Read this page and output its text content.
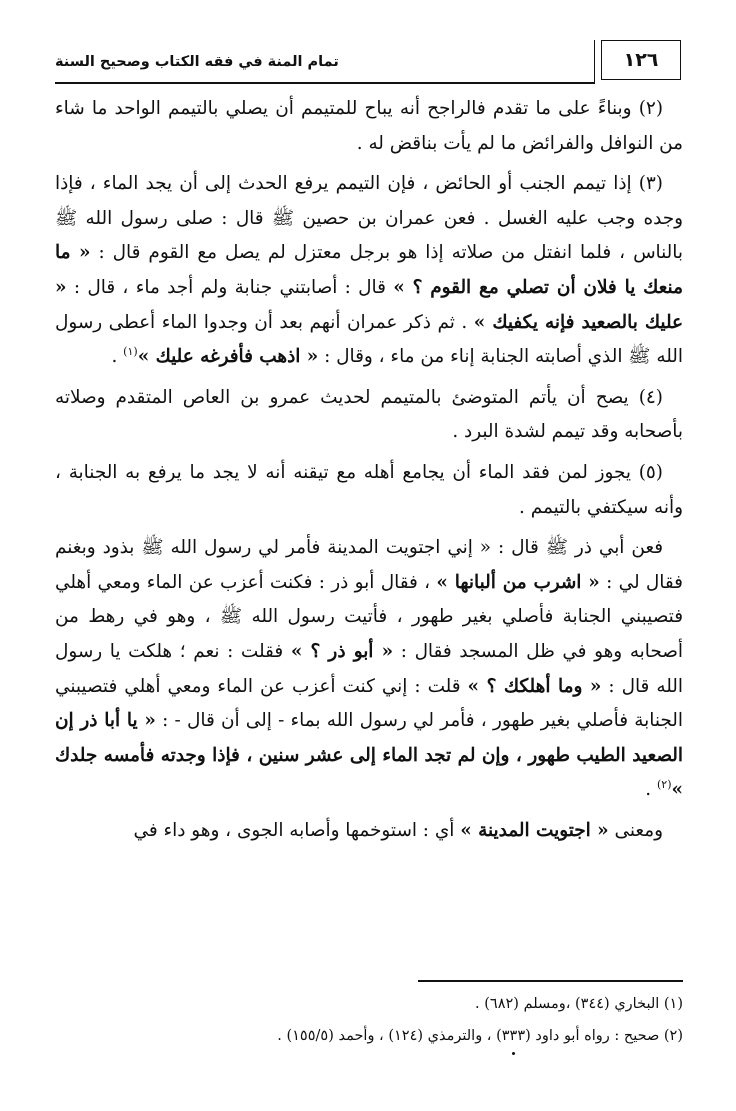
١٢٦
تمام المنة في فقه الكتاب وصحيح السنة

(٢) وبناءً على ما تقدم فالراجح أنه يباح للمتيمم أن يصلي بالتيمم الواحد ما شاء من النوافل والفرائض ما لم يأت بناقض له .

(٣) إذا تيمم الجنب أو الحائض ، فإن التيمم يرفع الحدث إلى أن يجد الماء ، فإذا وجده وجب عليه الغسل . فعن عمران بن حصين ﷺ قال : صلى رسول الله ﷺ بالناس ، فلما انفتل من صلاته إذا هو برجل معتزل لم يصل مع القوم قال : « ما منعك يا فلان أن تصلي مع القوم ؟ » قال : أصابتني جنابة ولم أجد ماء ، قال : « عليك بالصعيد فإنه يكفيك » . ثم ذكر عمران أنهم بعد أن وجدوا الماء أعطى رسول الله ﷺ الذي أصابته الجنابة إناء من ماء ، وقال : « اذهب فأفرغه عليك »$^{(١)}$ .

(٤) يصح أن يأتم المتوضئ بالمتيمم لحديث عمرو بن العاص المتقدم وصلاته بأصحابه وقد تيمم لشدة البرد .

(٥) يجوز لمن فقد الماء أن يجامع أهله مع تيقنه أنه لا يجد ما يرفع به الجنابة ، وأنه سيكتفي بالتيمم .

فعن أبي ذر ﷺ قال : « إني اجتويت المدينة فأمر لي رسول الله ﷺ بذود وبغنم فقال لي : « اشرب من ألبانها » ، فقال أبو ذر : فكنت أعزب عن الماء ومعي أهلي فتصيبني الجنابة فأصلي بغير طهور ، فأتيت رسول الله ﷺ ، وهو في رهط من أصحابه وهو في ظل المسجد فقال : « أبو ذر ؟ » فقلت : نعم ؛ هلكت يا رسول الله قال : « وما أهلكك ؟ » قلت : إني كنت أعزب عن الماء ومعي أهلي فتصيبني الجنابة فأصلي بغير طهور ، فأمر لي رسول الله بماء - إلى أن قال - : « يا أبا ذر إن الصعيد الطيب طهور ، وإن لم تجد الماء إلى عشر سنين ، فإذا وجدته فأمسه جلدك »$^{(٢)}$ .

ومعنى « اجتويت المدينة » أي : استوخمها وأصابه الجوى ، وهو داء في

(١) البخاري (٣٤٤) ،ومسلم (٦٨٢) .

(٢) صحيح : رواه أبو داود (٣٣٣) ، والترمذي (١٢٤) ، وأحمد (١٥٥/٥) .
